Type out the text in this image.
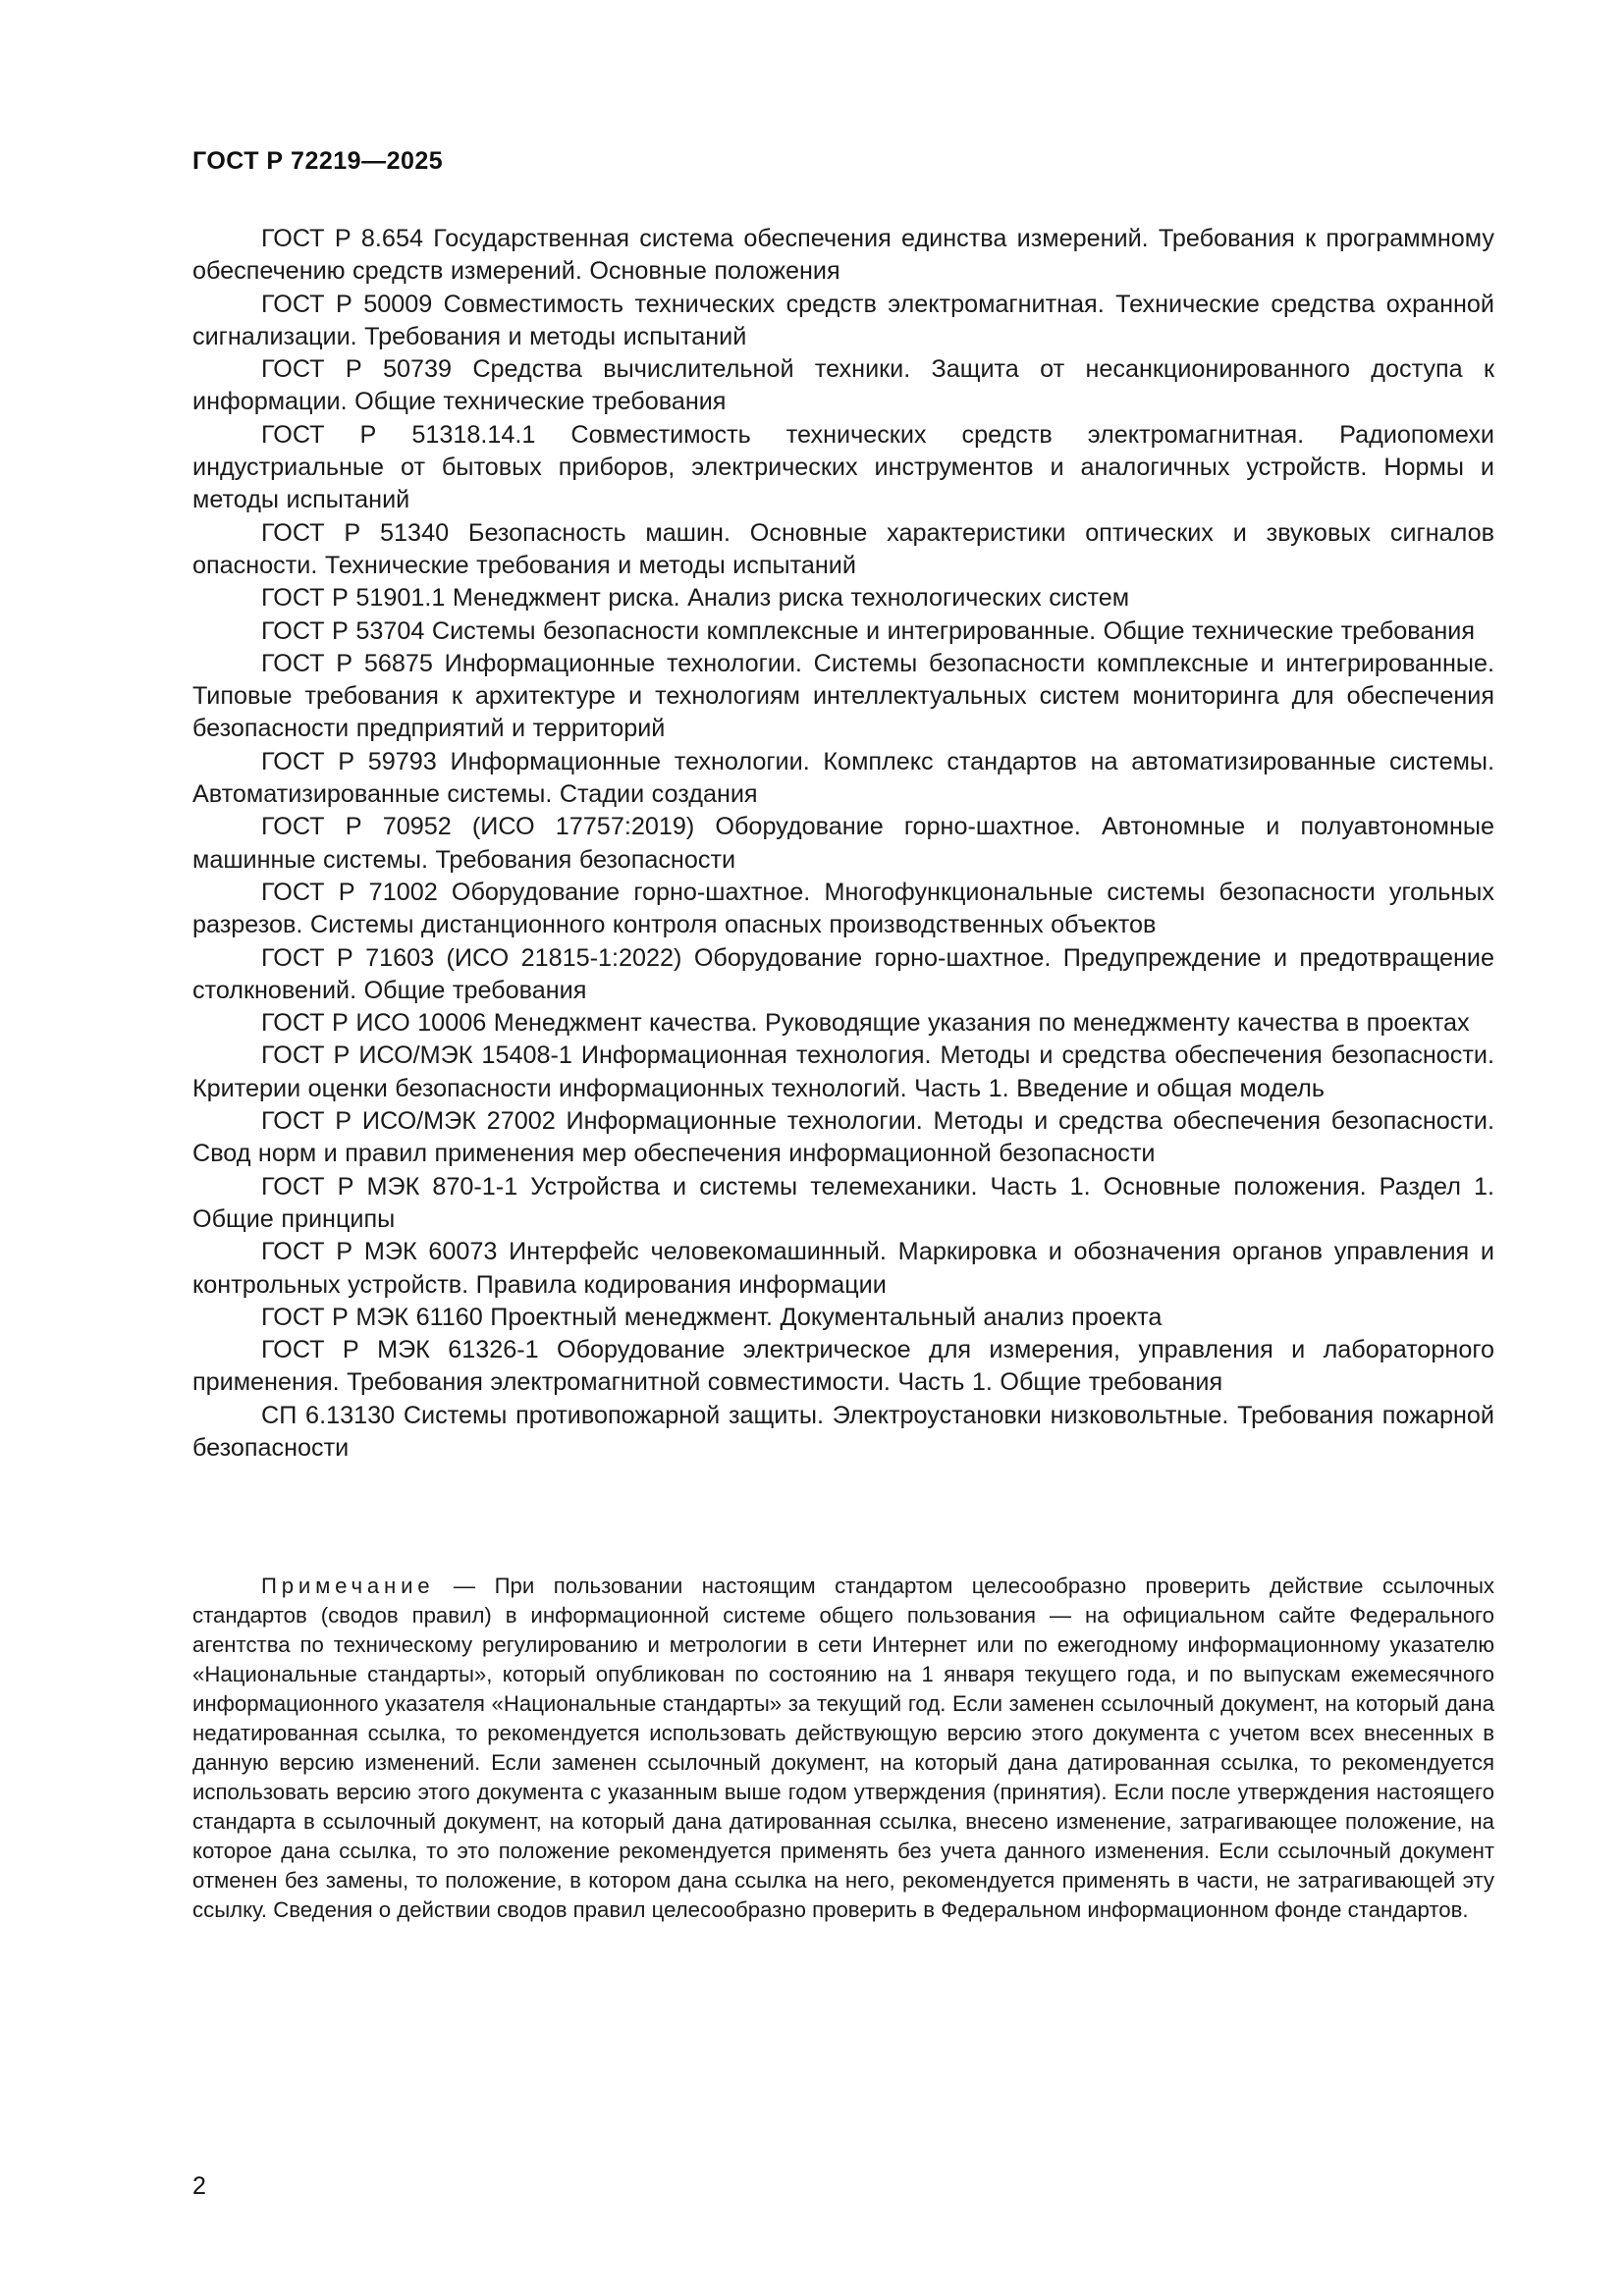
ГОСТ Р 72219—2025

ГОСТ Р 8.654 Государственная система обеспечения единства измерений. Требования к программному обеспечению средств измерений. Основные положения

ГОСТ Р 50009 Совместимость технических средств электромагнитная. Технические средства охранной сигнализации. Требования и методы испытаний

ГОСТ Р 50739 Средства вычислительной техники. Защита от несанкционированного доступа к информации. Общие технические требования

ГОСТ Р 51318.14.1 Совместимость технических средств электромагнитная. Радиопомехи индустриальные от бытовых приборов, электрических инструментов и аналогичных устройств. Нормы и методы испытаний

ГОСТ Р 51340 Безопасность машин. Основные характеристики оптических и звуковых сигналов опасности. Технические требования и методы испытаний

ГОСТ Р 51901.1 Менеджмент риска. Анализ риска технологических систем

ГОСТ Р 53704 Системы безопасности комплексные и интегрированные. Общие технические требования

ГОСТ Р 56875 Информационные технологии. Системы безопасности комплексные и интегрированные. Типовые требования к архитектуре и технологиям интеллектуальных систем мониторинга для обеспечения безопасности предприятий и территорий

ГОСТ Р 59793 Информационные технологии. Комплекс стандартов на автоматизированные системы. Автоматизированные системы. Стадии создания

ГОСТ Р 70952 (ИСО 17757:2019) Оборудование горно-шахтное. Автономные и полуавтономные машинные системы. Требования безопасности

ГОСТ Р 71002 Оборудование горно-шахтное. Многофункциональные системы безопасности угольных разрезов. Системы дистанционного контроля опасных производственных объектов

ГОСТ Р 71603 (ИСО 21815-1:2022) Оборудование горно-шахтное. Предупреждение и предотвращение столкновений. Общие требования

ГОСТ Р ИСО 10006 Менеджмент качества. Руководящие указания по менеджменту качества в проектах

ГОСТ Р ИСО/МЭК 15408-1 Информационная технология. Методы и средства обеспечения безопасности. Критерии оценки безопасности информационных технологий. Часть 1. Введение и общая модель

ГОСТ Р ИСО/МЭК 27002 Информационные технологии. Методы и средства обеспечения безопасности. Свод норм и правил применения мер обеспечения информационной безопасности

ГОСТ Р МЭК 870-1-1 Устройства и системы телемеханики. Часть 1. Основные положения. Раздел 1. Общие принципы

ГОСТ Р МЭК 60073 Интерфейс человекомашинный. Маркировка и обозначения органов управления и контрольных устройств. Правила кодирования информации

ГОСТ Р МЭК 61160 Проектный менеджмент. Документальный анализ проекта

ГОСТ Р МЭК 61326-1 Оборудование электрическое для измерения, управления и лабораторного применения. Требования электромагнитной совместимости. Часть 1. Общие требования

СП 6.13130 Системы противопожарной защиты. Электроустановки низковольтные. Требования пожарной безопасности

Примечание — При пользовании настоящим стандартом целесообразно проверить действие ссылочных стандартов (сводов правил) в информационной системе общего пользования — на официальном сайте Федерального агентства по техническому регулированию и метрологии в сети Интернет или по ежегодному информационному указателю «Национальные стандарты», который опубликован по состоянию на 1 января текущего года, и по выпускам ежемесячного информационного указателя «Национальные стандарты» за текущий год. Если заменен ссылочный документ, на который дана недатированная ссылка, то рекомендуется использовать действующую версию этого документа с учетом всех внесенных в данную версию изменений. Если заменен ссылочный документ, на который дана датированная ссылка, то рекомендуется использовать версию этого документа с указанным выше годом утверждения (принятия). Если после утверждения настоящего стандарта в ссылочный документ, на который дана датированная ссылка, внесено изменение, затрагивающее положение, на которое дана ссылка, то это положение рекомендуется применять без учета данного изменения. Если ссылочный документ отменен без замены, то положение, в котором дана ссылка на него, рекомендуется применять в части, не затрагивающей эту ссылку. Сведения о действии сводов правил целесообразно проверить в Федеральном информационном фонде стандартов.

2
